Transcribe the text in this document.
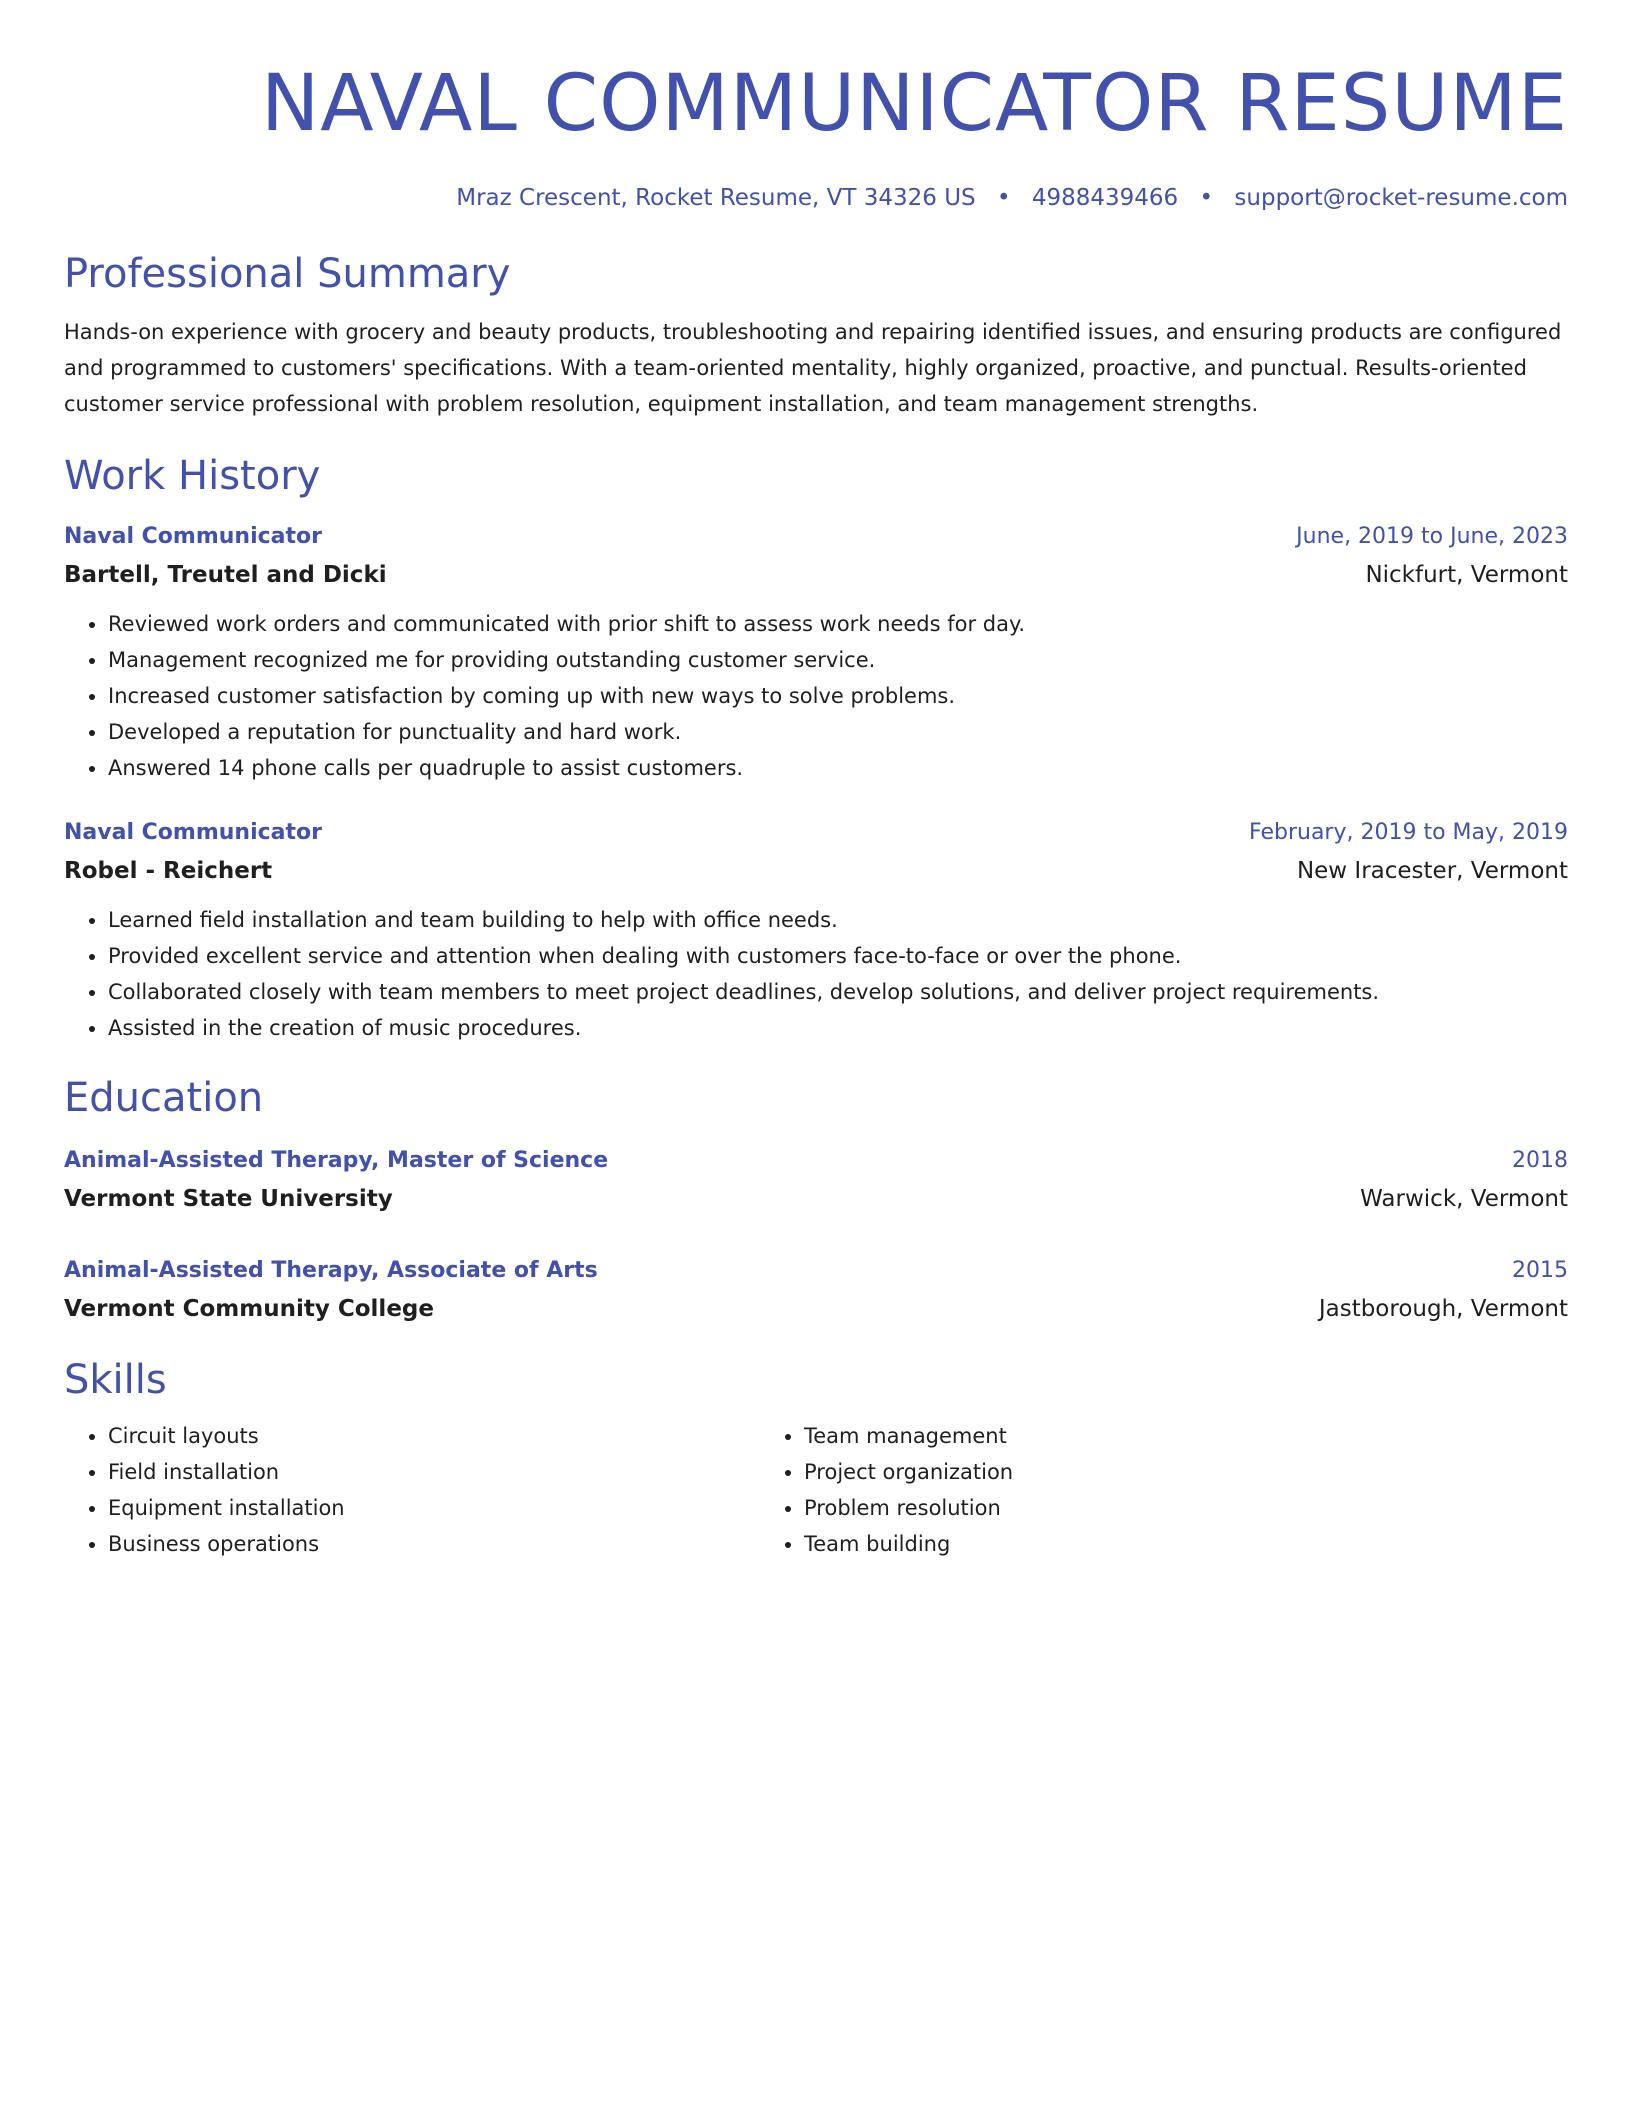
NAVAL COMMUNICATOR RESUME
Mraz Crescent, Rocket Resume, VT 34326 US • 4988439466 • support@rocket-resume.com
Professional Summary

Hands-on experience with grocery and beauty products, troubleshooting and repairing identified issues, and ensuring products are configured and programmed to customers' specifications. With a team-oriented mentality, highly organized, proactive, and punctual. Results-oriented customer service professional with problem resolution, equipment installation, and team management strengths.

Work History
Naval Communicator	June, 2019 to June, 2023
Bartell, Treutel and Dicki	Nickfurt, Vermont
• Reviewed work orders and communicated with prior shift to assess work needs for day.
• Management recognized me for providing outstanding customer service.
• Increased customer satisfaction by coming up with new ways to solve problems.
• Developed a reputation for punctuality and hard work.
• Answered 14 phone calls per quadruple to assist customers.
Naval Communicator	February, 2019 to May, 2019
Robel - Reichert	New Iracester, Vermont
• Learned field installation and team building to help with office needs.
• Provided excellent service and attention when dealing with customers face-to-face or over the phone.
• Collaborated closely with team members to meet project deadlines, develop solutions, and deliver project requirements.
• Assisted in the creation of music procedures.
Education
Animal-Assisted Therapy, Master of Science	2018
Vermont State University	Warwick, Vermont
Animal-Assisted Therapy, Associate of Arts	2015
Vermont Community College	Jastborough, Vermont
Skills
• Circuit layouts
• Field installation
• Equipment installation
• Business operations
• Team management
• Project organization
• Problem resolution
• Team building
